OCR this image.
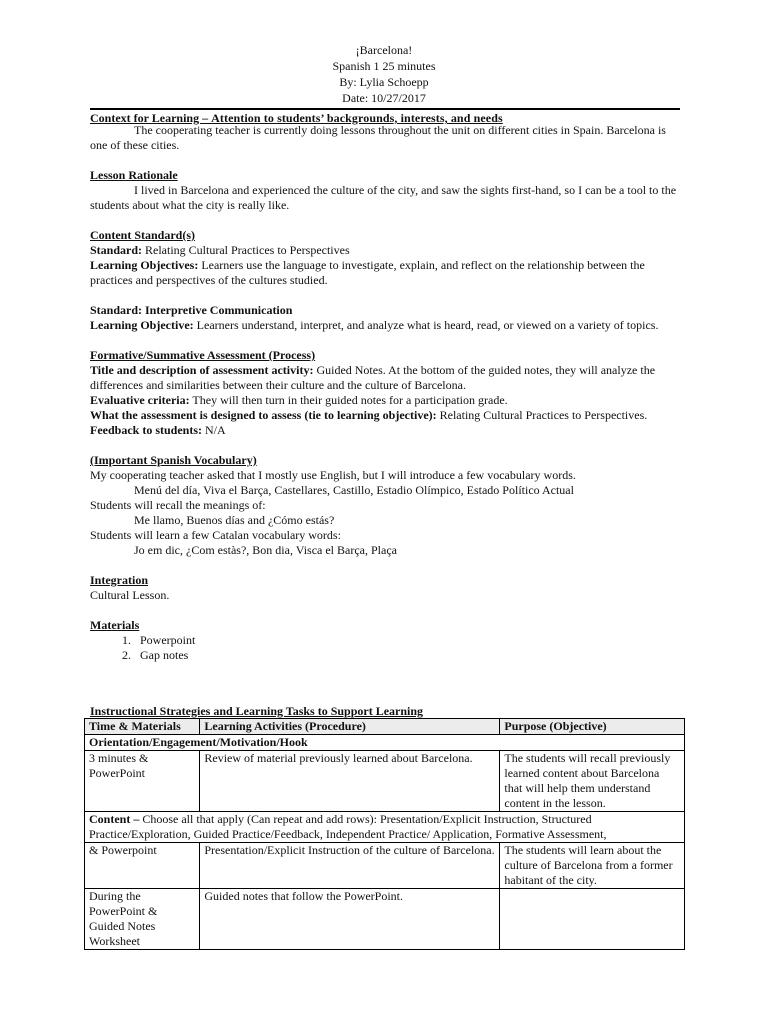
¡Barcelona!
Spanish 1 25 minutes
By: Lylia Schoepp
Date: 10/27/2017
Context for Learning – Attention to students’ backgrounds, interests, and needs

The cooperating teacher is currently doing lessons throughout the unit on different cities in Spain. Barcelona is one of these cities.

Lesson Rationale

I lived in Barcelona and experienced the culture of the city, and saw the sights first-hand, so I can be a tool to the students about what the city is really like.

Content Standard(s)

Standard: Relating Cultural Practices to Perspectives

Learning Objectives: Learners use the language to investigate, explain, and reflect on the relationship between the practices and perspectives of the cultures studied.

Standard: Interpretive Communication

Learning Objective: Learners understand, interpret, and analyze what is heard, read, or viewed on a variety of topics.

Formative/Summative Assessment (Process)

Title and description of assessment activity: Guided Notes. At the bottom of the guided notes, they will analyze the differences and similarities between their culture and the culture of Barcelona.

Evaluative criteria: They will then turn in their guided notes for a participation grade.

What the assessment is designed to assess (tie to learning objective): Relating Cultural Practices to Perspectives.

Feedback to students: N/A

(Important Spanish Vocabulary)

My cooperating teacher asked that I mostly use English, but I will introduce a few vocabulary words.

Menú del día, Viva el Barça, Castellares, Castillo, Estadio Olímpico, Estado Político Actual

Students will recall the meanings of:

Me llamo, Buenos días and ¿Cómo estás?

Students will learn a few Catalan vocabulary words:

Jo em dic, ¿Com estàs?, Bon dia, Visca el Barça, Plaça

Integration

Cultural Lesson.

Materials

1. Powerpoint
2. Gap notes
Instructional Strategies and Learning Tasks to Support Learning
Time & Materials	Learning Activities (Procedure)	Purpose (Objective)
Orientation/Engagement/Motivation/Hook		
3 minutes & PowerPoint	Review of material previously learned about Barcelona.	The students will recall previously learned content about Barcelona that will help them understand content in the lesson.
Content – Choose all that apply (Can repeat and add rows): Presentation/Explicit Instruction, Structured Practice/Exploration, Guided Practice/Feedback, Independent Practice/ Application, Formative Assessment,		
& Powerpoint	Presentation/Explicit Instruction of the culture of Barcelona.	The students will learn about the culture of Barcelona from a former habitant of the city.
During the PowerPoint & Guided Notes Worksheet	Guided notes that follow the PowerPoint.	
